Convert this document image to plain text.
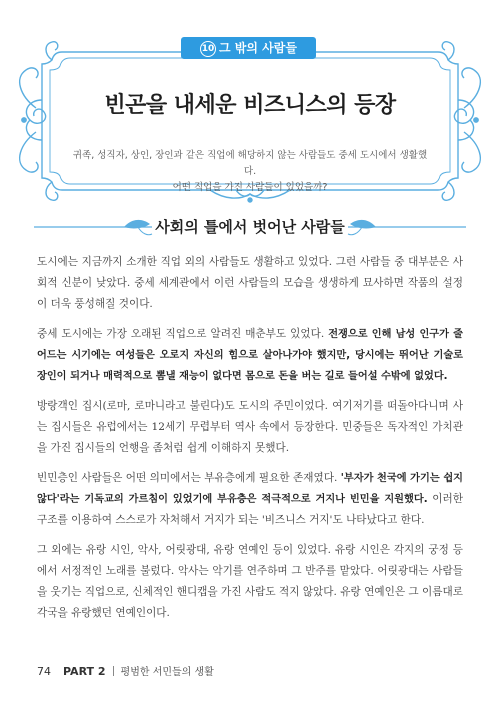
10 그 밖의 사람들
빈곤을 내세운 비즈니스의 등장

귀족, 성직자, 상인, 장인과 같은 직업에 해당하지 않는 사람들도 중세 도시에서 생활했다.

어떤 직업을 가진 사람들이 있었을까?

사회의 틀에서 벗어난 사람들

도시에는 지금까지 소개한 직업 외의 사람들도 생활하고 있었다. 그런 사람들 중 대부분은 사회적 신분이 낮았다. 중세 세계관에서 이런 사람들의 모습을 생생하게 묘사하면 작품의 설정이 더욱 풍성해질 것이다.

중세 도시에는 가장 오래된 직업으로 알려진 매춘부도 있었다. 전쟁으로 인해 남성 인구가 줄어드는 시기에는 여성들은 오로지 자신의 힘으로 살아나가야 했지만, 당시에는 뛰어난 기술로 장인이 되거나 매력적으로 뽐낼 재능이 없다면 몸으로 돈을 버는 길로 들어설 수밖에 없었다.

방랑객인 집시(로마, 로마니라고 불린다)도 도시의 주민이었다. 여기저기를 떠돌아다니며 사는 집시들은 유럽에서는 12세기 무렵부터 역사 속에서 등장한다. 민중들은 독자적인 가치관을 가진 집시들의 언행을 좀처럼 쉽게 이해하지 못했다.

빈민층인 사람들은 어떤 의미에서는 부유층에게 필요한 존재였다. '부자가 천국에 가기는 쉽지 않다'라는 기독교의 가르침이 있었기에 부유층은 적극적으로 거지나 빈민을 지원했다. 이러한 구조를 이용하여 스스로가 자처해서 거지가 되는 '비즈니스 거지'도 나타났다고 한다.

그 외에는 유랑 시인, 악사, 어릿광대, 유랑 연예인 등이 있었다. 유랑 시인은 각지의 궁정 등에서 서정적인 노래를 불렀다. 악사는 악기를 연주하며 그 반주를 맡았다. 어릿광대는 사람들을 웃기는 직업으로, 신체적인 핸디캡을 가진 사람도 적지 않았다. 유랑 연예인은 그 이름대로 각국을 유랑했던 연예인이다.

74 PART 2 평범한 서민들의 생활
